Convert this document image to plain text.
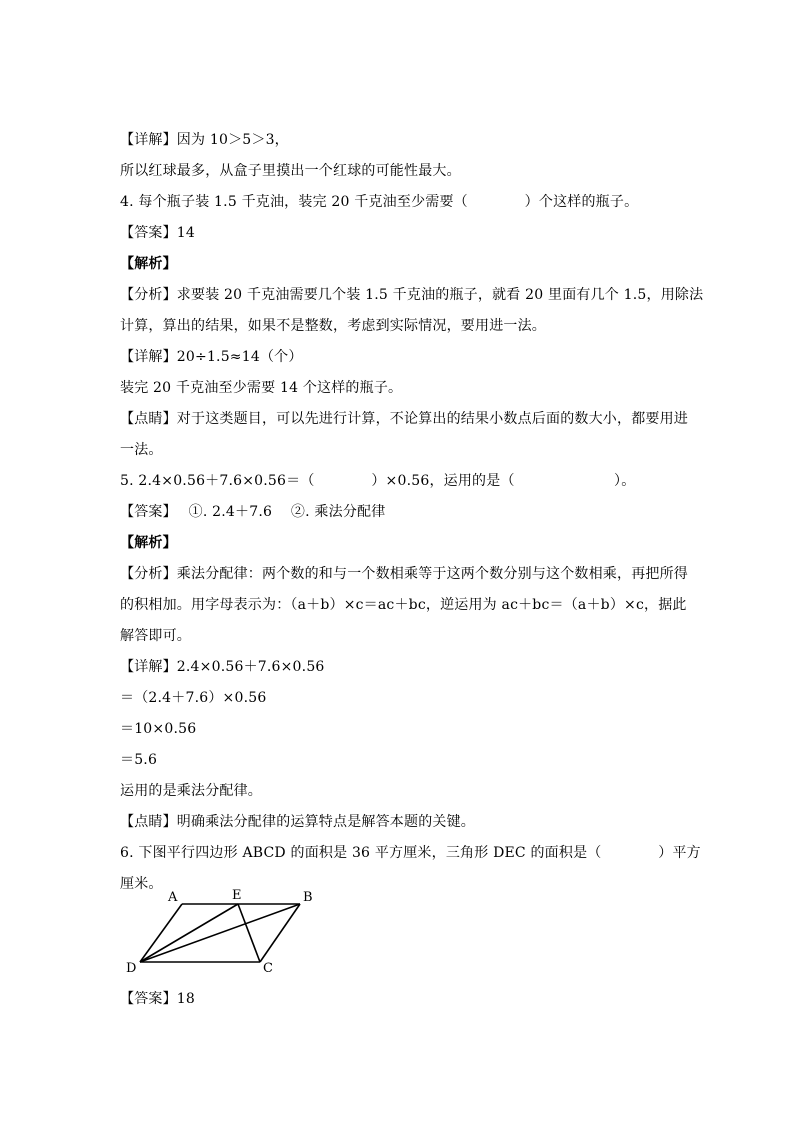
【详解】因为 10＞5＞3，
所以红球最多，从盒子里摸出一个红球的可能性最大。
4. 每个瓶子装 1.5 千克油，装完 20 千克油至少需要（　　　　）个这样的瓶子。
【答案】14
【解析】
【分析】求要装 20 千克油需要几个装 1.5 千克油的瓶子，就看 20 里面有几个 1.5，用除法
计算，算出的结果，如果不是整数，考虑到实际情况，要用进一法。
【详解】20÷1.5≈14（个）
装完 20 千克油至少需要 14 个这样的瓶子。
【点睛】对于这类题目，可以先进行计算，不论算出的结果小数点后面的数大小，都要用进
一法。
5. 2.4×0.56＋7.6×0.56＝（　　　　）×0.56，运用的是（　　　　　　　）。
【答案】　 ①. 2.4＋7.6　 ②. 乘法分配律
【解析】
【分析】乘法分配律：两个数的和与一个数相乘等于这两个数分别与这个数相乘，再把所得
的积相加。用字母表示为：（a＋b）×c＝ac＋bc，逆运用为 ac＋bc＝（a＋b）×c，据此
解答即可。
【详解】2.4×0.56＋7.6×0.56
＝（2.4＋7.6）×0.56
＝10×0.56
＝5.6
运用的是乘法分配律。
【点睛】明确乘法分配律的运算特点是解答本题的关键。
6. 下图平行四边形 ABCD 的面积是 36 平方厘米，三角形 DEC 的面积是（　　　　）平方
厘米。
A	E	B
D	C
【答案】18
